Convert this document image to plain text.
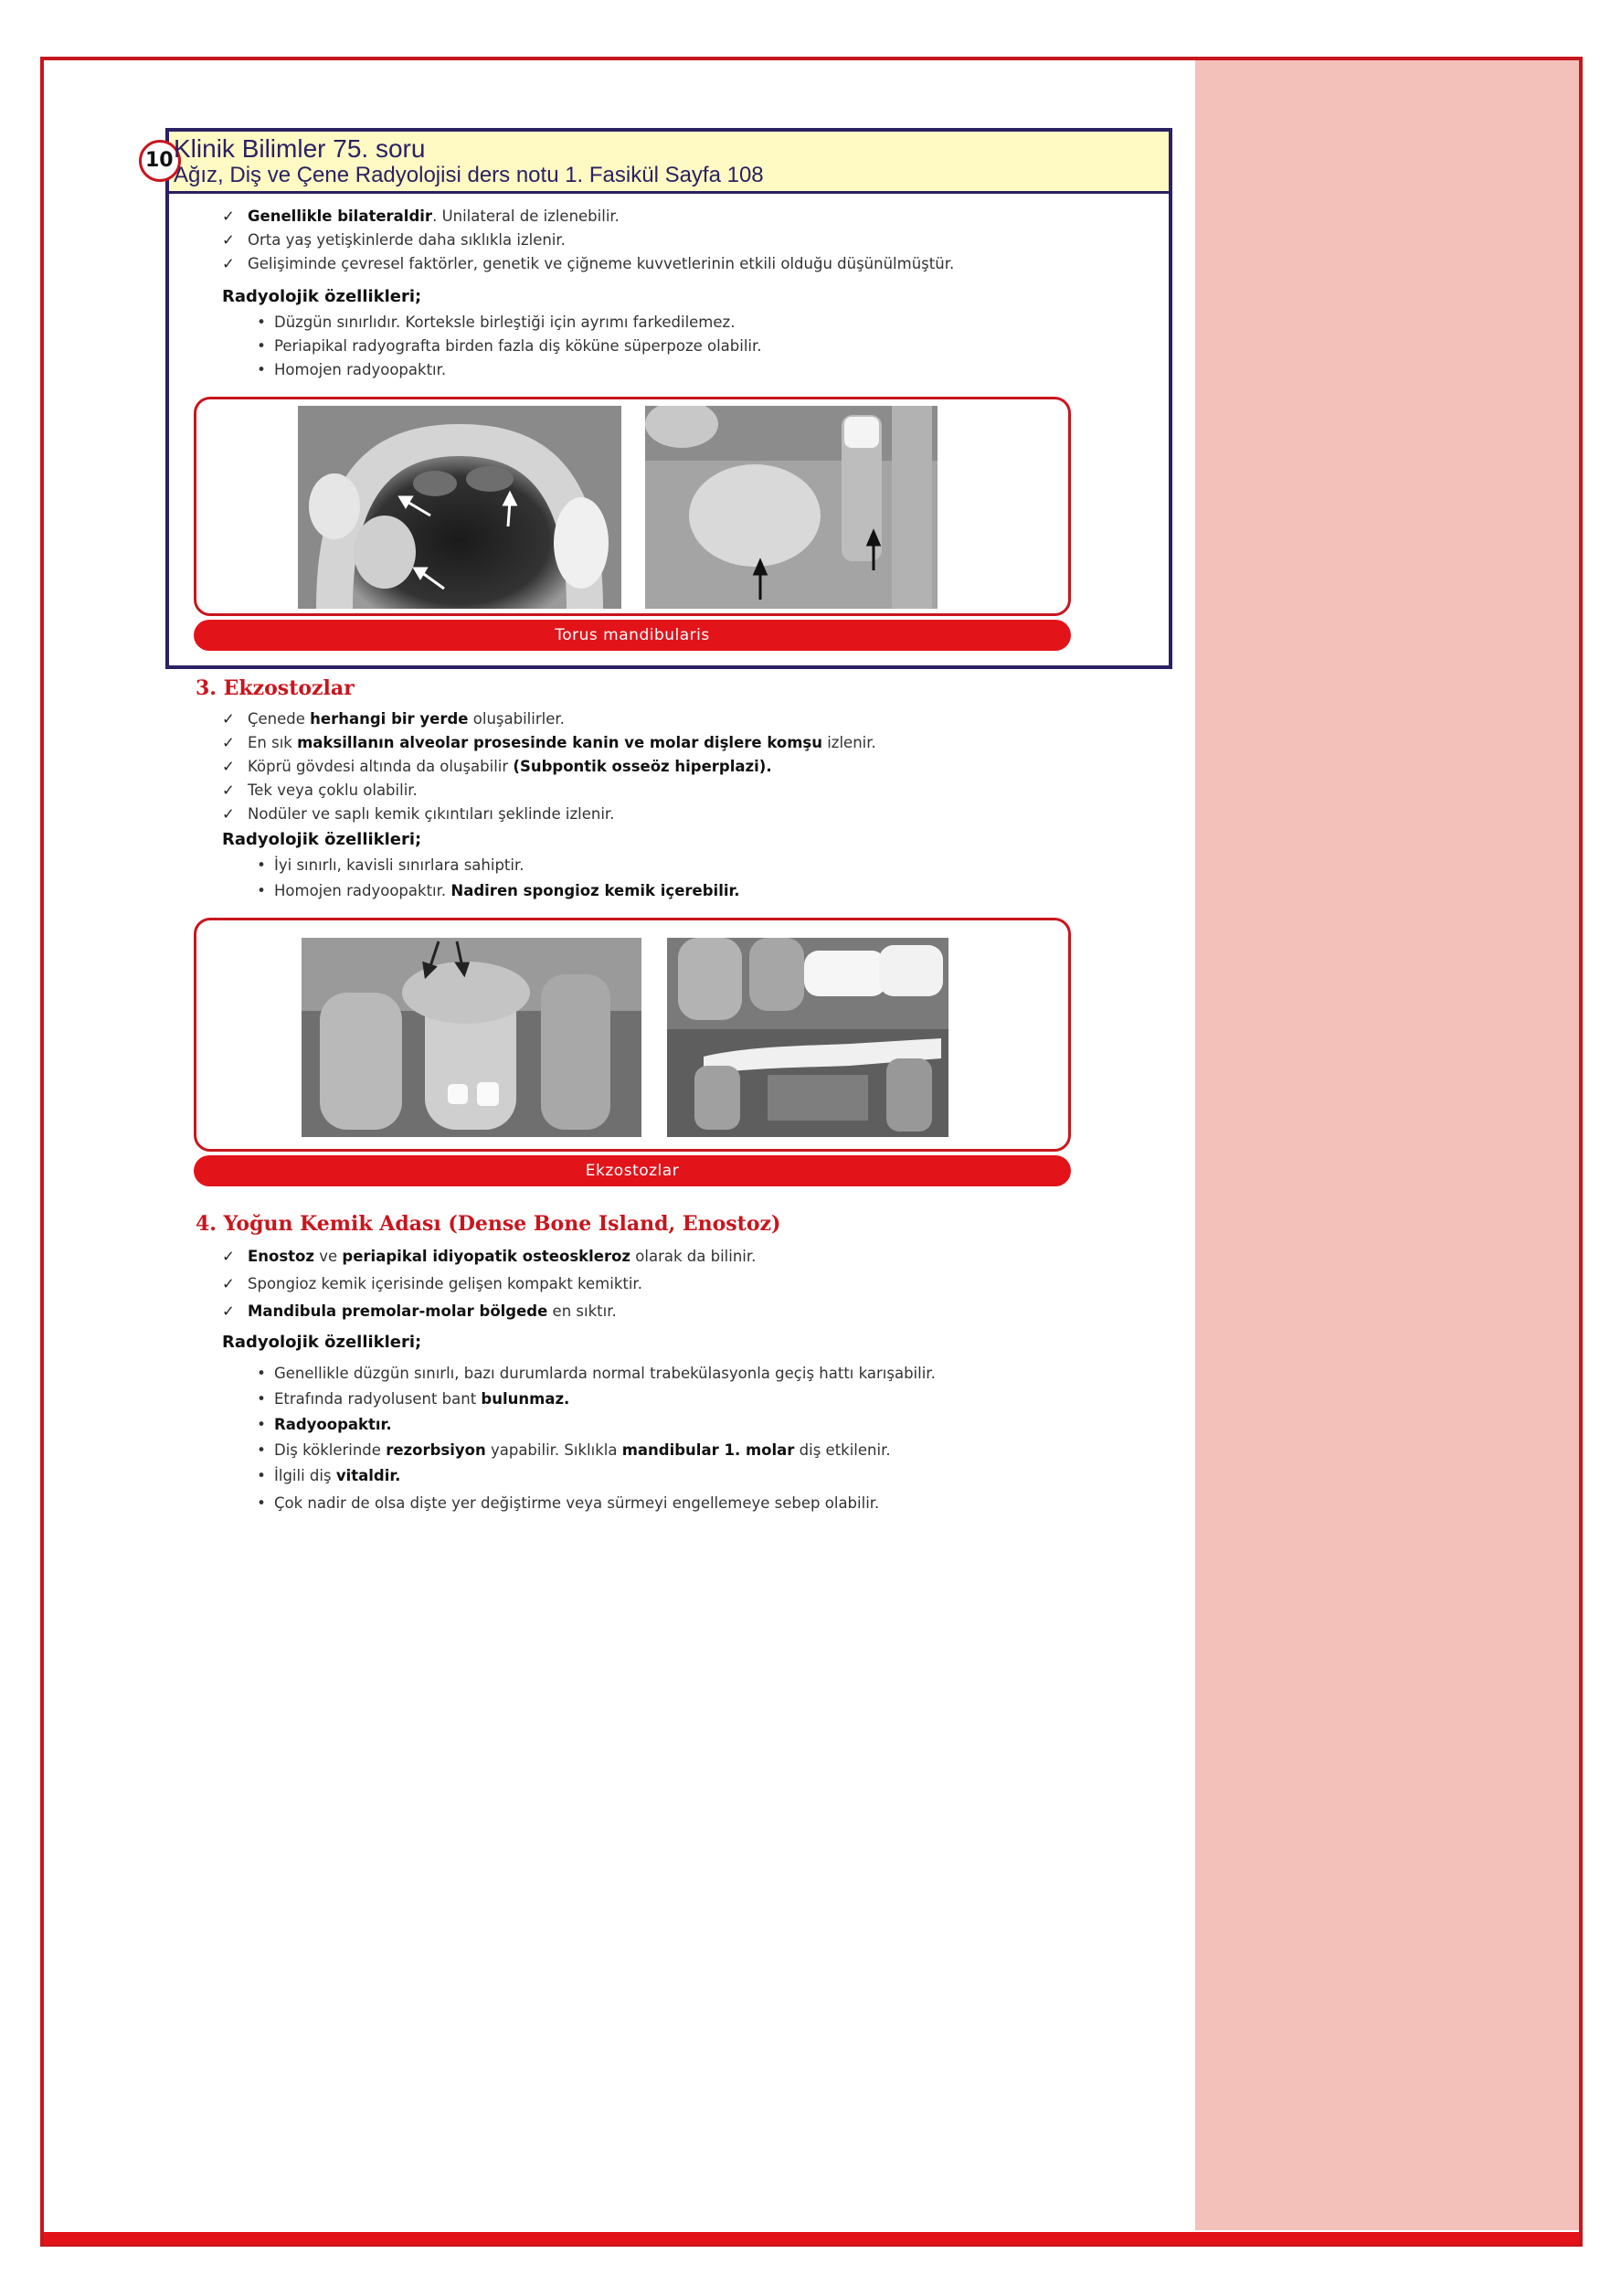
10 Klinik Bilimler 75. soru
Ağız, Diş ve Çene Radyolojisi ders notu 1. Fasikül Sayfa 108
✓ Genellikle bilateraldir. Unilateral de izlenebilir.
✓ Orta yaş yetişkinlerde daha sıklıkla izlenir.
✓ Gelişiminde çevresel faktörler, genetik ve çiğneme kuvvetlerinin etkili olduğu düşünülmüştür.
Radyolojik özellikleri;
• Düzgün sınırlıdır. Korteksle birleştiği için ayrımı farkedilemez.
• Periapikal radyografta birden fazla diş köküne süperpoze olabilir.
• Homojen radyoopaktır.
Torus mandibularis
3. Ekzostozlar
✓ Çenede herhangi bir yerde oluşabilirler.
✓ En sık maksillanın alveolar prosesinde kanin ve molar dişlere komşu izlenir.
✓ Köprü gövdesi altında da oluşabilir (Subpontik osseöz hiperplazi).
✓ Tek veya çoklu olabilir.
✓ Nodüler ve saplı kemik çıkıntıları şeklinde izlenir.
Radyolojik özellikleri;
• İyi sınırlı, kavisli sınırlara sahiptir.
• Homojen radyoopaktır. Nadiren spongioz kemik içerebilir.
Ekzostozlar
4. Yoğun Kemik Adası (Dense Bone Island, Enostoz)
✓ Enostoz ve periapikal idiyopatik osteoskleroz olarak da bilinir.
✓ Spongioz kemik içerisinde gelişen kompakt kemiktir.
✓ Mandibula premolar-molar bölgede en sıktır.
Radyolojik özellikleri;
• Genellikle düzgün sınırlı, bazı durumlarda normal trabekülasyonla geçiş hattı karışabilir.
• Etrafında radyolusent bant bulunmaz.
• Radyoopaktır.
• Diş köklerinde rezorbsiyon yapabilir. Sıklıkla mandibular 1. molar diş etkilenir.
• İlgili diş vitaldir.
• Çok nadir de olsa dişte yer değiştirme veya sürmeyi engellemeye sebep olabilir.
